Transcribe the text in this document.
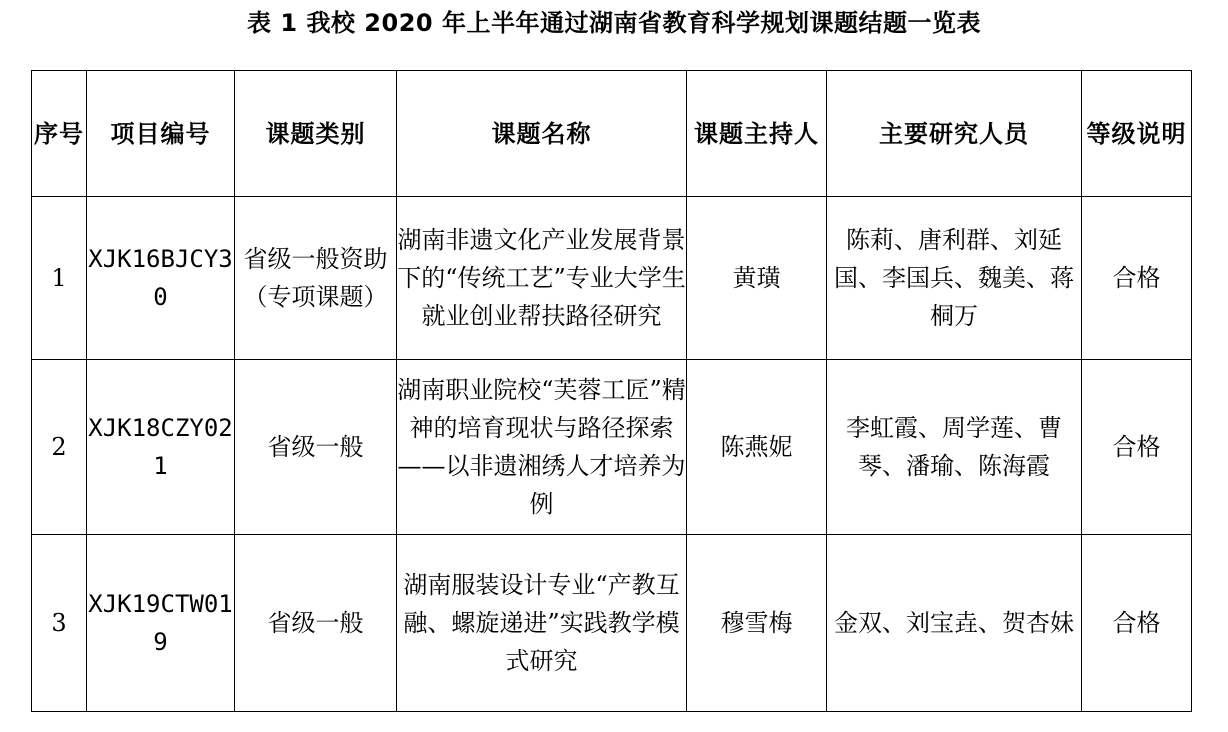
表 1 我校 2020 年上半年通过湖南省教育科学规划课题结题一览表
序号	项目编号	课题类别	课题名称	课题主持人	主要研究人员	等级说明
1	XJK16BJCY30	省级一般资助（专项课题）	湖南非遗文化产业发展背景下的“传统工艺”专业大学生就业创业帮扶路径研究	黄璜	陈莉、唐利群、刘延国、李国兵、魏美、蒋桐万	合格
2	XJK18CZY021	省级一般	湖南职业院校“芙蓉工匠”精神的培育现状与路径探索——以非遗湘绣人才培养为例	陈燕妮	李虹霞、周学莲、曹琴、潘瑜、陈海霞	合格
3	XJK19CTW019	省级一般	湖南服装设计专业“产教互融、螺旋递进”实践教学模式研究	穆雪梅	金双、刘宝垚、贺杏妹	合格
